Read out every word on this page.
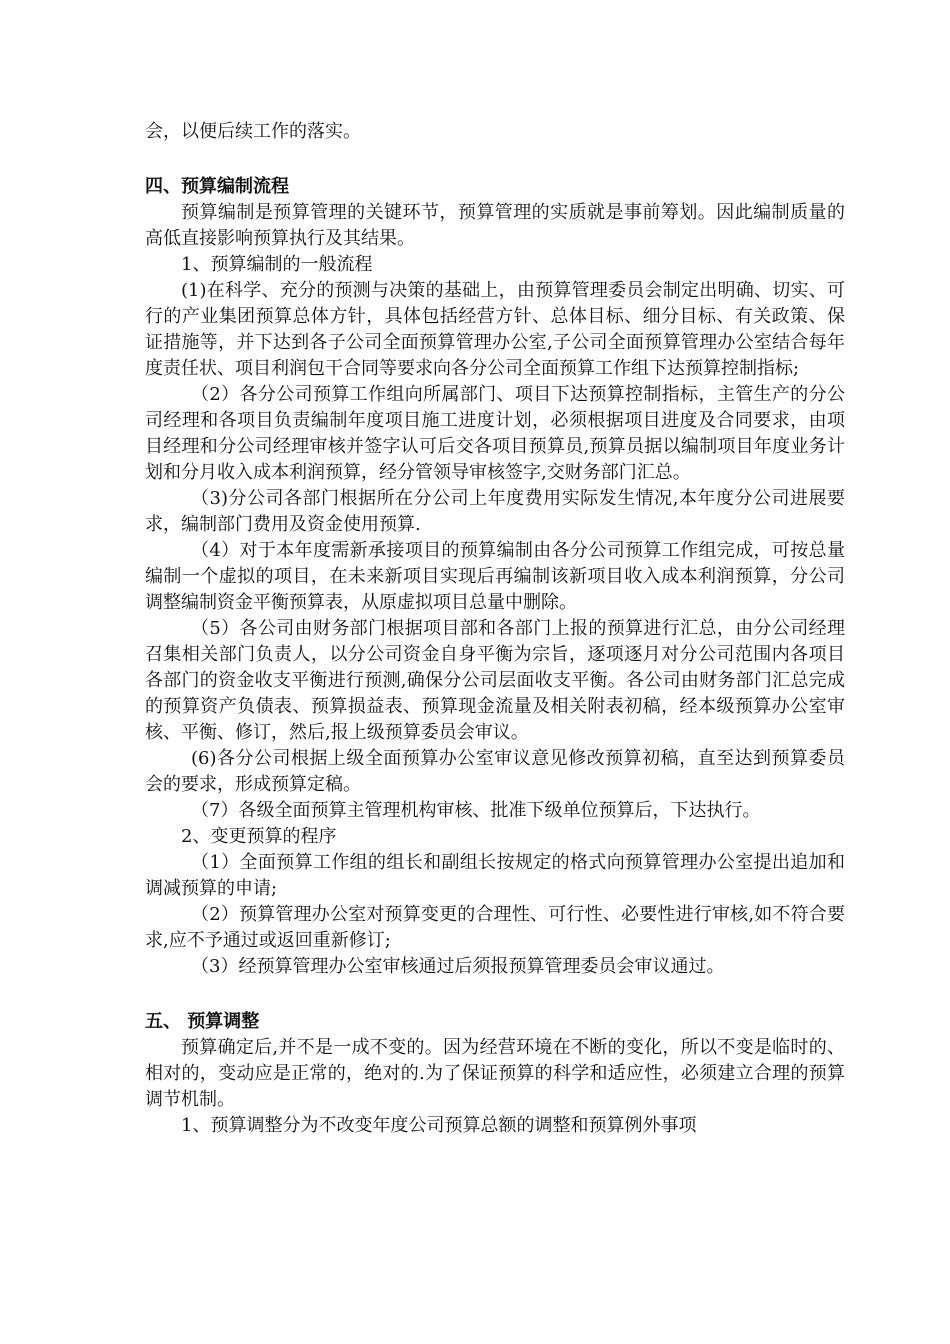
会，以便后续工作的落实。

四、预算编制流程

预算编制是预算管理的关键环节，预算管理的实质就是事前筹划。因此编制质量的高低直接影响预算执行及其结果。

1、预算编制的一般流程

(1)在科学、充分的预测与决策的基础上，由预算管理委员会制定出明确、切实、可行的产业集团预算总体方针，具体包括经营方针、总体目标、细分目标、有关政策、保证措施等，并下达到各子公司全面预算管理办公室,子公司全面预算管理办公室结合每年度责任状、项目利润包干合同等要求向各分公司全面预算工作组下达预算控制指标;

（2）各分公司预算工作组向所属部门、项目下达预算控制指标，主管生产的分公司经理和各项目负责编制年度项目施工进度计划，必须根据项目进度及合同要求，由项目经理和分公司经理审核并签字认可后交各项目预算员,预算员据以编制项目年度业务计划和分月收入成本利润预算，经分管领导审核签字,交财务部门汇总。

（3)分公司各部门根据所在分公司上年度费用实际发生情况,本年度分公司进展要求，编制部门费用及资金使用预算.

（4）对于本年度需新承接项目的预算编制由各分公司预算工作组完成，可按总量编制一个虚拟的项目，在未来新项目实现后再编制该新项目收入成本利润预算，分公司调整编制资金平衡预算表，从原虚拟项目总量中删除。

（5）各公司由财务部门根据项目部和各部门上报的预算进行汇总，由分公司经理召集相关部门负责人，以分公司资金自身平衡为宗旨，逐项逐月对分公司范围内各项目各部门的资金收支平衡进行预测,确保分公司层面收支平衡。各公司由财务部门汇总完成的预算资产负债表、预算损益表、预算现金流量及相关附表初稿，经本级预算办公室审核、平衡、修订，然后,报上级预算委员会审议。

(6)各分公司根据上级全面预算办公室审议意见修改预算初稿，直至达到预算委员会的要求，形成预算定稿。

（7）各级全面预算主管理机构审核、批准下级单位预算后，下达执行。

2、变更预算的程序

（1）全面预算工作组的组长和副组长按规定的格式向预算管理办公室提出追加和调减预算的申请;

（2）预算管理办公室对预算变更的合理性、可行性、必要性进行审核,如不符合要求,应不予通过或返回重新修订;

（3）经预算管理办公室审核通过后须报预算管理委员会审议通过。

五、 预算调整

预算确定后,并不是一成不变的。因为经营环境在不断的变化，所以不变是临时的、相对的，变动应是正常的，绝对的.为了保证预算的科学和适应性，必须建立合理的预算调节机制。

1、预算调整分为不改变年度公司预算总额的调整和预算例外事项
